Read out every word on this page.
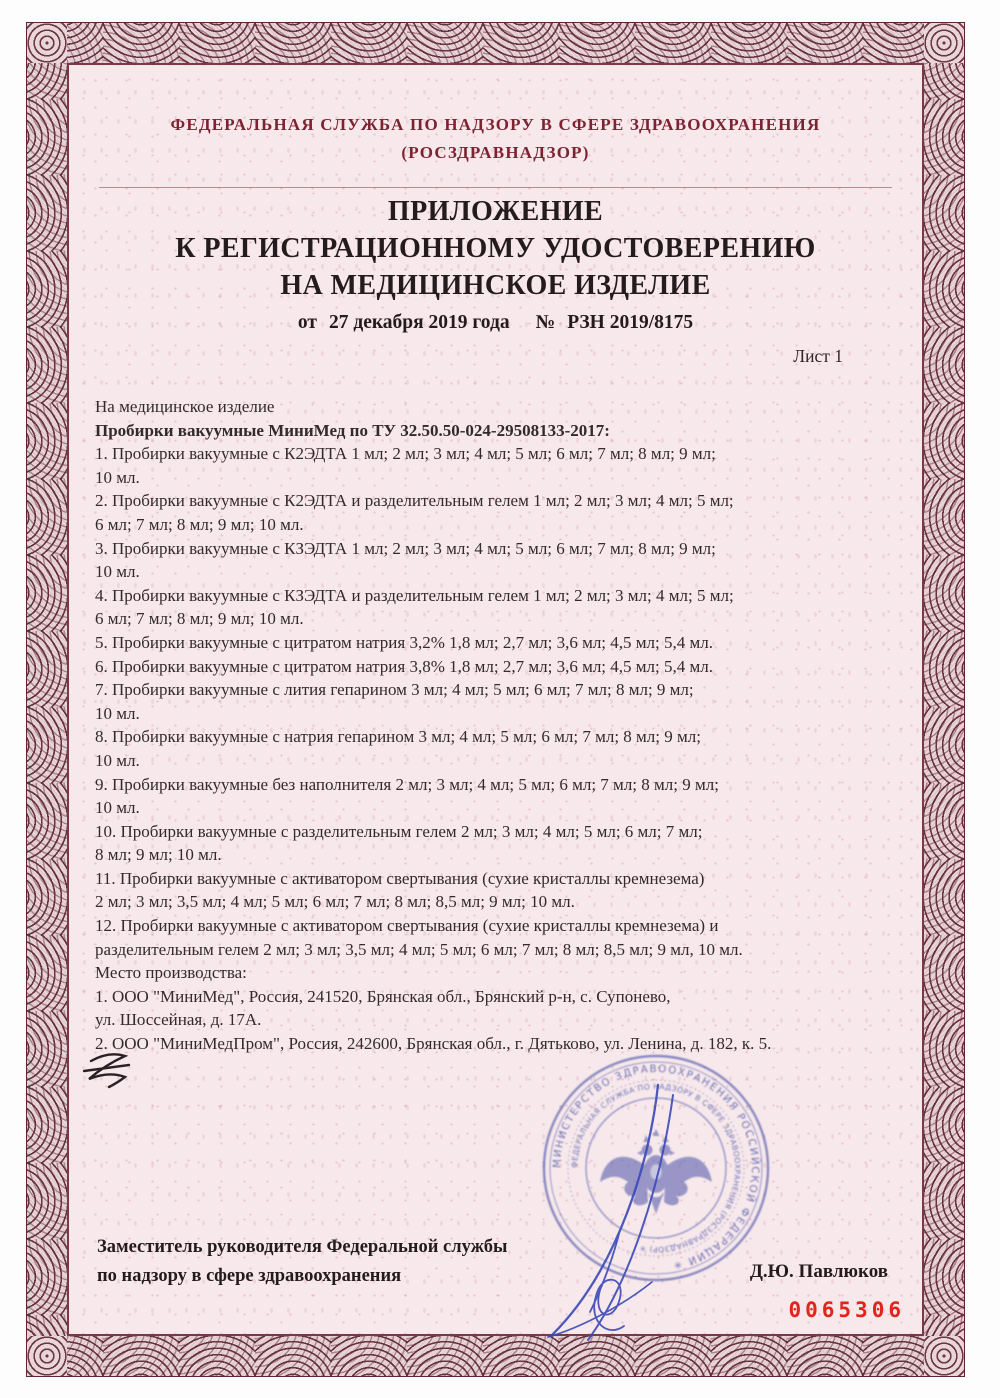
ФЕДЕРАЛЬНАЯ СЛУЖБА ПО НАДЗОРУ В СФЕРЕ ЗДРАВООХРАНЕНИЯ
(РОСЗДРАВНАДЗОР)
ПРИЛОЖЕНИЕ
К РЕГИСТРАЦИОННОМУ УДОСТОВЕРЕНИЮ
НА МЕДИЦИНСКОЕ ИЗДЕЛИЕ
от 27 декабря 2019 года № РЗН 2019/8175
Лист 1
На медицинское изделие
Пробирки вакуумные МиниМед по ТУ 32.50.50-024-29508133-2017:
1. Пробирки вакуумные с К2ЭДТА 1 мл; 2 мл; 3 мл; 4 мл; 5 мл; 6 мл; 7 мл; 8 мл; 9 мл;
10 мл.
2. Пробирки вакуумные с К2ЭДТА и разделительным гелем 1 мл; 2 мл; 3 мл; 4 мл; 5 мл;
6 мл; 7 мл; 8 мл; 9 мл; 10 мл.
3. Пробирки вакуумные с КЗЭДТА 1 мл; 2 мл; 3 мл; 4 мл; 5 мл; 6 мл; 7 мл; 8 мл; 9 мл;
10 мл.
4. Пробирки вакуумные с КЗЭДТА и разделительным гелем 1 мл; 2 мл; 3 мл; 4 мл; 5 мл;
6 мл; 7 мл; 8 мл; 9 мл; 10 мл.
5. Пробирки вакуумные с цитратом натрия 3,2% 1,8 мл; 2,7 мл; 3,6 мл; 4,5 мл; 5,4 мл.
6. Пробирки вакуумные с цитратом натрия 3,8% 1,8 мл; 2,7 мл; 3,6 мл; 4,5 мл; 5,4 мл.
7. Пробирки вакуумные с лития гепарином 3 мл; 4 мл; 5 мл; 6 мл; 7 мл; 8 мл; 9 мл;
10 мл.
8. Пробирки вакуумные с натрия гепарином 3 мл; 4 мл; 5 мл; 6 мл; 7 мл; 8 мл; 9 мл;
10 мл.
9. Пробирки вакуумные без наполнителя 2 мл; 3 мл; 4 мл; 5 мл; 6 мл; 7 мл; 8 мл; 9 мл;
10 мл.
10. Пробирки вакуумные с разделительным гелем 2 мл; 3 мл; 4 мл; 5 мл; 6 мл; 7 мл;
8 мл; 9 мл; 10 мл.
11. Пробирки вакуумные с активатором свертывания (сухие кристаллы кремнезема)
2 мл; 3 мл; 3,5 мл; 4 мл; 5 мл; 6 мл; 7 мл; 8 мл; 8,5 мл; 9 мл; 10 мл.
12. Пробирки вакуумные с активатором свертывания (сухие кристаллы кремнезема) и
разделительным гелем 2 мл; 3 мл; 3,5 мл; 4 мл; 5 мл; 6 мл; 7 мл; 8 мл; 8,5 мл; 9 мл, 10 мл.
Место производства:
1. ООО "МиниМед", Россия, 241520, Брянская обл., Брянский р-н, с. Супонево,
ул. Шоссейная, д. 17А.
2. ООО "МиниМедПром", Россия, 242600, Брянская обл., г. Дятьково, ул. Ленина, д. 182, к. 5.
МИНИСТЕРСТВО ЗДРАВООХРАНЕНИЯ РОССИЙСКОЙ ФЕДЕРАЦИИ ✳
ФЕДЕРАЛЬНАЯ СЛУЖБА ПО НАДЗОРУ В СФЕРЕ ЗДРАВООХРАНЕНИЯ (РОСЗДРАВНАДЗОР) ✳
Заместитель руководителя Федеральной службы
по надзору в сфере здравоохранения	Д.Ю. Павлюков
0065306
